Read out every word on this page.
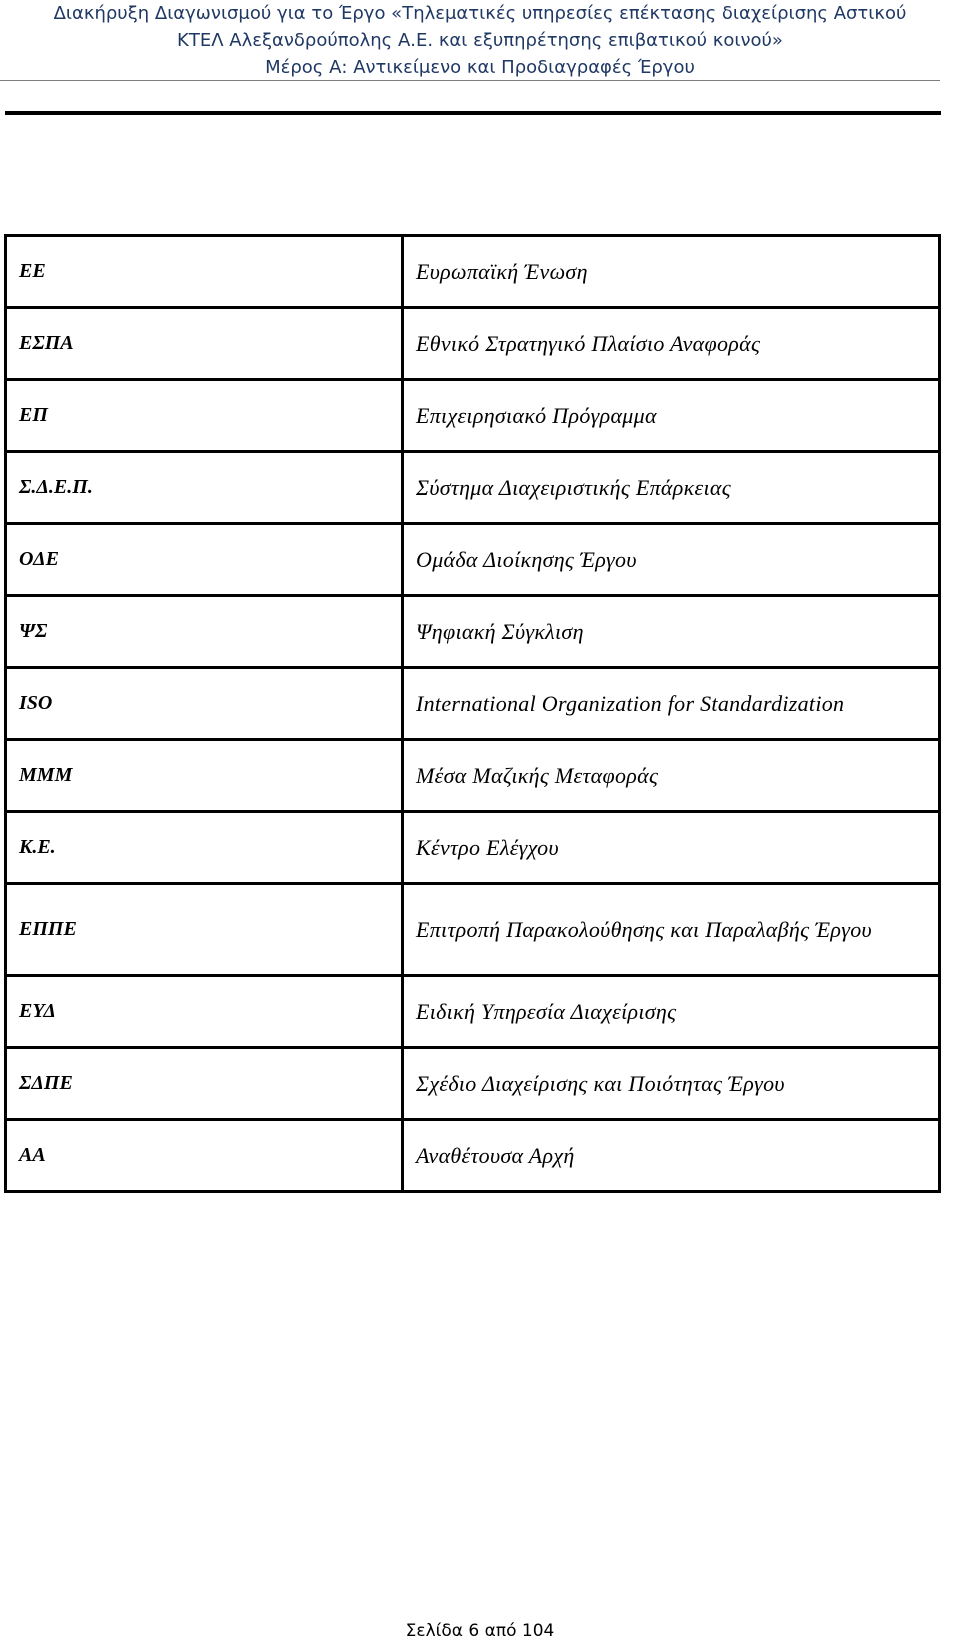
Διακήρυξη Διαγωνισμού για το Έργο «Τηλεματικές υπηρεσίες επέκτασης διαχείρισης Αστικού
ΚΤΕΛ Αλεξανδρούπολης Α.Ε. και εξυπηρέτησης επιβατικού κοινού»
Μέρος Α: Αντικείμενο και Προδιαγραφές Έργου
ΕΕ	Ευρωπαϊκή Ένωση
ΕΣΠΑ	Εθνικό Στρατηγικό Πλαίσιο Αναφοράς
ΕΠ	Επιχειρησιακό Πρόγραμμα
Σ.Δ.Ε.Π.	Σύστημα Διαχειριστικής Επάρκειας
ΟΔΕ	Ομάδα Διοίκησης Έργου
ΨΣ	Ψηφιακή Σύγκλιση
ISO	International Organization for Standardization
ΜΜΜ	Μέσα Μαζικής Μεταφοράς
Κ.Ε.	Κέντρο Ελέγχου
ΕΠΠΕ	Επιτροπή Παρακολούθησης και Παραλαβής Έργου

ΕΥΔ	Ειδική Υπηρεσία Διαχείρισης
ΣΔΠΕ	Σχέδιο Διαχείρισης και Ποιότητας Έργου
ΑΑ	Αναθέτουσα Αρχή
Σελίδα 6 από 104
